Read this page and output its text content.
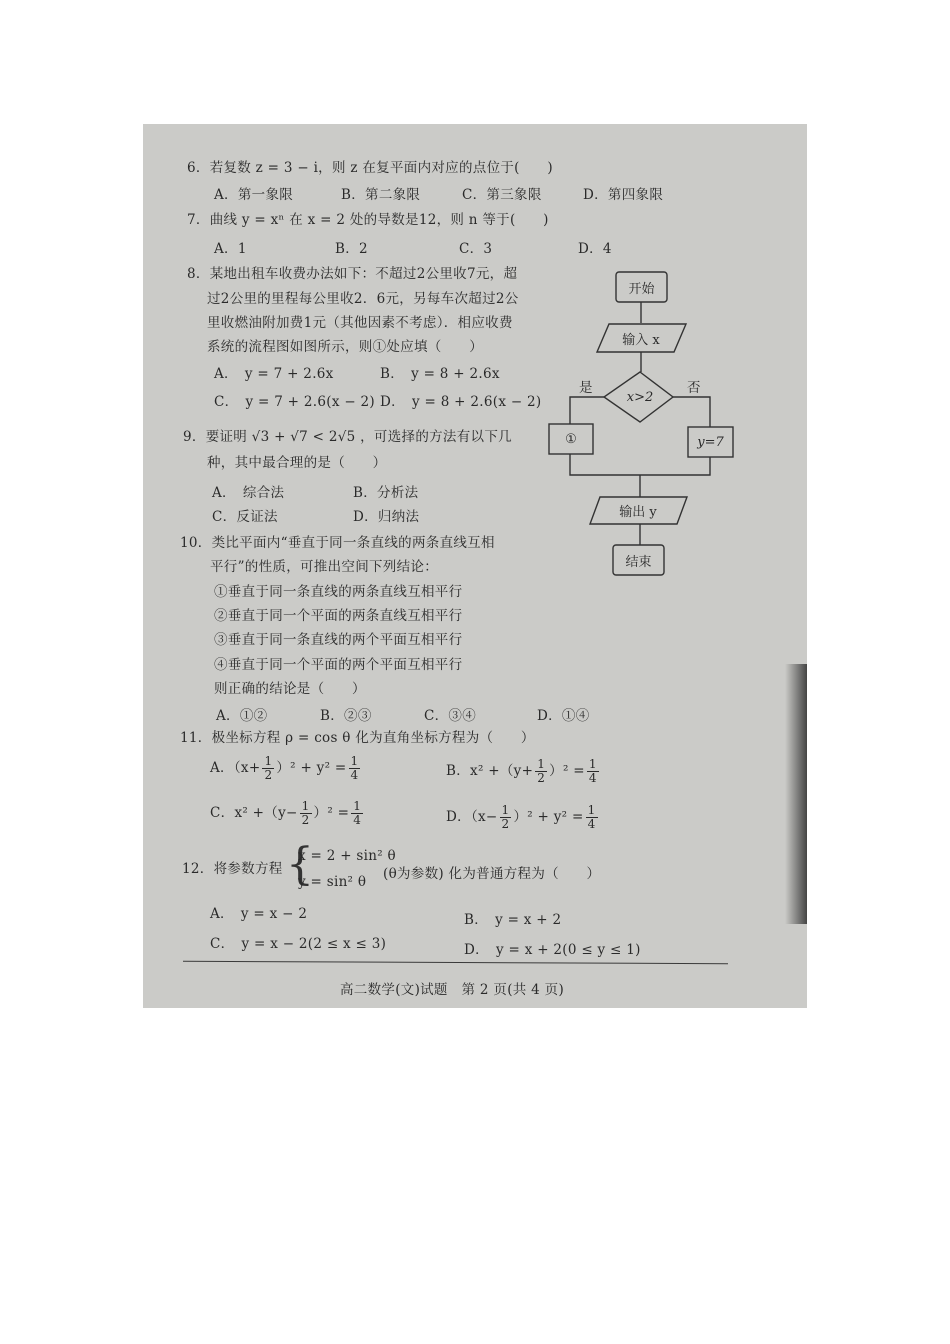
6．若复数 z = 3 − i，则 z 在复平面内对应的点位于(　　)
A．第一象限	B．第二象限	C．第三象限	D．第四象限
7．曲线 y = xⁿ 在 x = 2 处的导数是12，则 n 等于(　　)
A．1	B．2	C．3	D．4
8．某地出租车收费办法如下：不超过2公里收7元，超
过2公里的里程每公里收2．6元，另每车次超过2公
里收燃油附加费1元（其他因素不考虑）．相应收费
系统的流程图如图所示，则①处应填（　　）
A．　y = 7 + 2.6x	B．　y = 8 + 2.6x
C．　y = 7 + 2.6(x − 2) D．　y = 8 + 2.6(x − 2)
9．要证明 √3 + √7 < 2√5 ，可选择的方法有以下几
种，其中最合理的是（　　）
A．　综合法	B．分析法
C．反证法	D．归纳法
10．类比平面内“垂直于同一条直线的两条直线互相
平行”的性质，可推出空间下列结论：
①垂直于同一条直线的两条直线互相平行
②垂直于同一个平面的两条直线互相平行
③垂直于同一条直线的两个平面互相平行
④垂直于同一个平面的两个平面互相平行
则正确的结论是（　　）
A．①②	B．②③	C．③④	D．①④
11．极坐标方程 ρ = cos θ 化为直角坐标方程为（　　）
A．$(x+ \frac{1}{2} )^2 + y^2 = \frac{1}{4}$	B．$x^2 +(y+ \frac{1}{2} )^2 = \frac{1}{4}$
C．$x^2 +(y- \frac{1}{2} )^2 = \frac{1}{4}$	D．$(x- \frac{1}{2} )^2 + y^2 = \frac{1}{4}$
12．将参数方程 {
x = 2 + sin² θ
y = sin² θ (θ为参数) 化为普通方程为（　　）
A．　y = x − 2	B．　y = x + 2
C．　y = x − 2(2 ≤ x ≤ 3)	D．　y = x + 2(0 ≤ y ≤ 1)
高二数学(文)试题　第 2 页(共 4 页)
开始
输入 x
x>2
是	否
①	y=7
输出 y
结束
